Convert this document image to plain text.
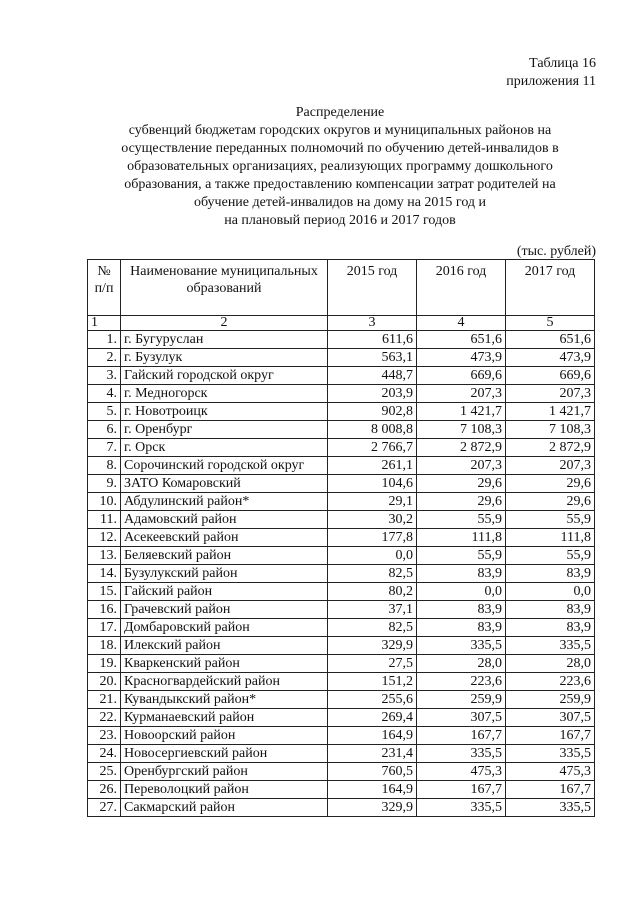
Таблица 16
приложения 11
Распределение
субвенций бюджетам городских округов и муниципальных районов на
осуществление переданных полномочий по обучению детей-инвалидов в
образовательных организациях, реализующих программу дошкольного
образования, а также предоставлению компенсации затрат родителей на
обучение детей-инвалидов на дому на 2015 год и
на плановый период 2016 и 2017 годов
(тыс. рублей)
№ п/п	Наименование муниципальных образований	2015 год	2016 год	2017 год
1	2	3	4	5
1.	г. Бугуруслан	611,6	651,6	651,6
2.	г. Бузулук	563,1	473,9	473,9
3.	Гайский городской округ	448,7	669,6	669,6
4.	г. Медногорск	203,9	207,3	207,3
5.	г. Новотроицк	902,8	1 421,7	1 421,7
6.	г. Оренбург	8 008,8	7 108,3	7 108,3
7.	г. Орск	2 766,7	2 872,9	2 872,9
8.	Сорочинский городской округ	261,1	207,3	207,3
9.	ЗАТО Комаровский	104,6	29,6	29,6
10.	Абдулинский район*	29,1	29,6	29,6
11.	Адамовский район	30,2	55,9	55,9
12.	Асекеевский район	177,8	111,8	111,8
13.	Беляевский район	0,0	55,9	55,9
14.	Бузулукский район	82,5	83,9	83,9
15.	Гайский район	80,2	0,0	0,0
16.	Грачевский район	37,1	83,9	83,9
17.	Домбаровский район	82,5	83,9	83,9
18.	Илекский район	329,9	335,5	335,5
19.	Кваркенский район	27,5	28,0	28,0
20.	Красногвардейский район	151,2	223,6	223,6
21.	Кувандыкский район*	255,6	259,9	259,9
22.	Курманаевский район	269,4	307,5	307,5
23.	Новоорский район	164,9	167,7	167,7
24.	Новосергиевский район	231,4	335,5	335,5
25.	Оренбургский район	760,5	475,3	475,3
26.	Переволоцкий район	164,9	167,7	167,7
27.	Сакмарский район	329,9	335,5	335,5
